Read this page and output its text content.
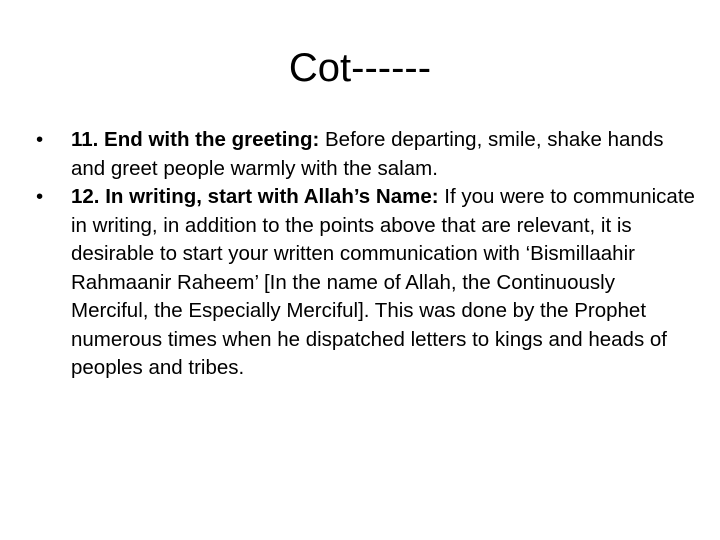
Cot------
•	11. End with the greeting: Before departing, smile, shake hands and greet people warmly with the salam.
•	12. In writing, start with Allah’s Name: If you were to communicate in writing, in addition to the points above that are relevant, it is desirable to start your written communication with ‘Bismillaahir Rahmaanir Raheem’ [In the name of Allah, the Continuously Merciful, the Especially Merciful]. This was done by the Prophet numerous times when he dispatched letters to kings and heads of peoples and tribes.
